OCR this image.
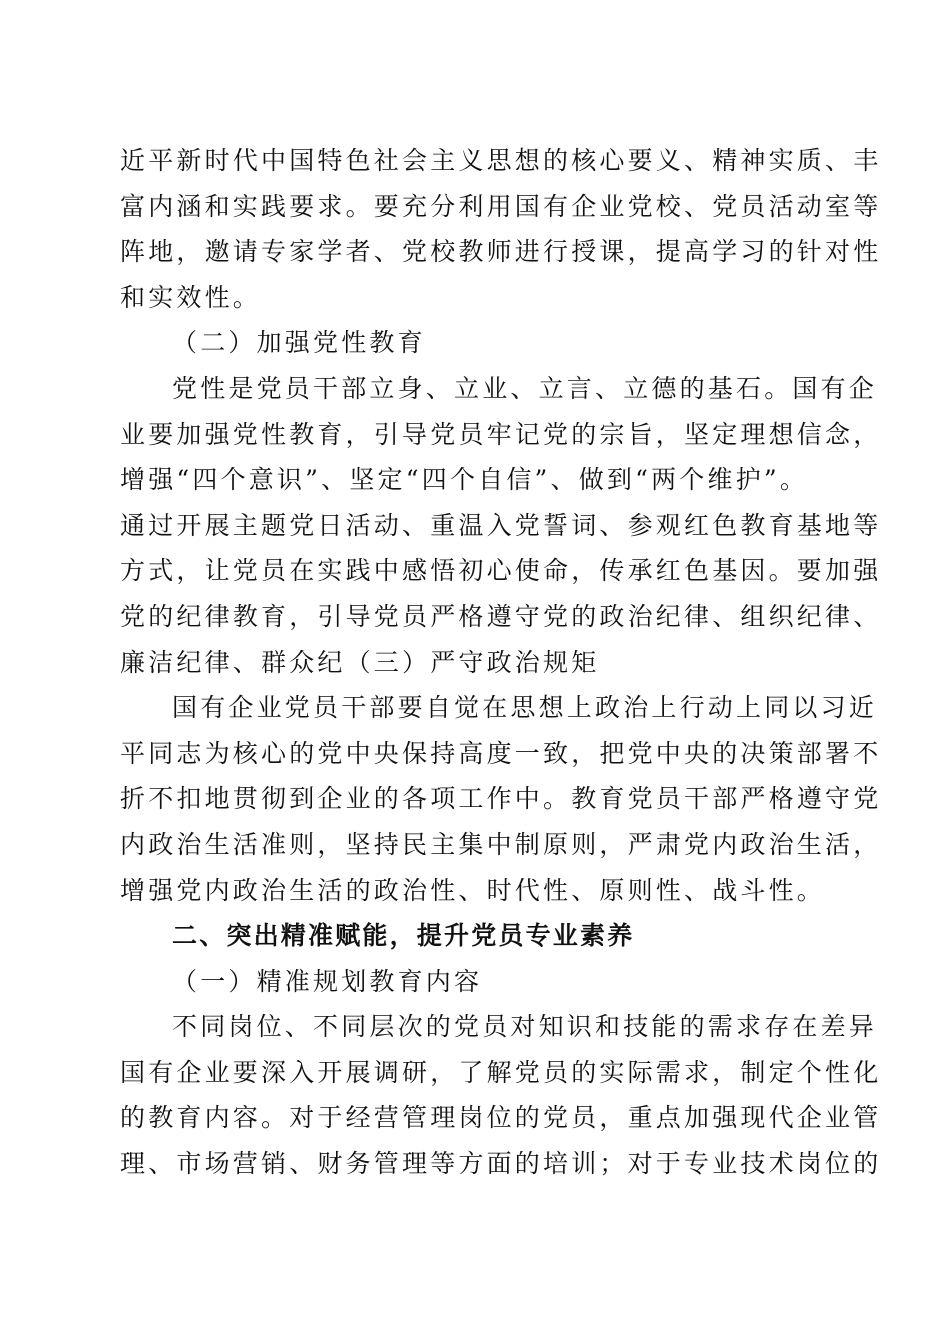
近平新时代中国特色社会主义思想的核心要义、精神实质、丰
富内涵和实践要求。要充分利用国有企业党校、党员活动室等
阵地，邀请专家学者、党校教师进行授课，提高学习的针对性
和实效性。
（二）加强党性教育
党性是党员干部立身、立业、立言、立德的基石。国有企
业要加强党性教育，引导党员牢记党的宗旨，坚定理想信念，
增强“四个意识”、坚定“四个自信”、做到“两个维护”。
通过开展主题党日活动、重温入党誓词、参观红色教育基地等
方式，让党员在实践中感悟初心使命，传承红色基因。要加强
党的纪律教育，引导党员严格遵守党的政治纪律、组织纪律、
廉洁纪律、群众纪（三）严守政治规矩
国有企业党员干部要自觉在思想上政治上行动上同以习近
平同志为核心的党中央保持高度一致，把党中央的决策部署不
折不扣地贯彻到企业的各项工作中。教育党员干部严格遵守党
内政治生活准则，坚持民主集中制原则，严肃党内政治生活，
增强党内政治生活的政治性、时代性、原则性、战斗性。
二、突出精准赋能，提升党员专业素养
（一）精准规划教育内容
不同岗位、不同层次的党员对知识和技能的需求存在差异
国有企业要深入开展调研，了解党员的实际需求，制定个性化
的教育内容。对于经营管理岗位的党员，重点加强现代企业管
理、市场营销、财务管理等方面的培训；对于专业技术岗位的
